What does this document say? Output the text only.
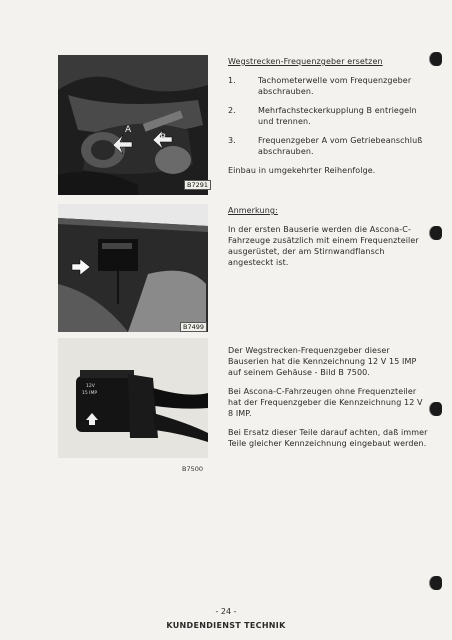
A
B
B7291
B7499
12V
15 IMP
B7500
Wegstrecken-Frequenzgeber ersetzen
1.	Tachometerwelle vom Frequenzgeber abschrauben.
2.	Mehrfachsteckerkupplung B entriegeln und trennen.
3.	Frequenzgeber A vom Getriebeanschluß abschrauben.
Einbau in umgekehrter Reihenfolge.
Anmerkung:
In der ersten Bauserie werden die Ascona-C-Fahrzeuge zusätzlich mit einem Frequenzteiler ausgerüstet, der am Stirnwandflansch angesteckt ist.

Der Wegstrecken-Frequenzgeber dieser Bauserien hat die Kennzeichnung 12 V 15 IMP auf seinem Gehäuse - Bild B 7500.

Bei Ascona-C-Fahrzeugen ohne Frequenzteiler hat der Frequenzgeber die Kennzeichnung 12 V 8 IMP.

Bei Ersatz dieser Teile darauf achten, daß immer Teile gleicher Kennzeichnung eingebaut werden.

- 24 -
KUNDENDIENST TECHNIK
